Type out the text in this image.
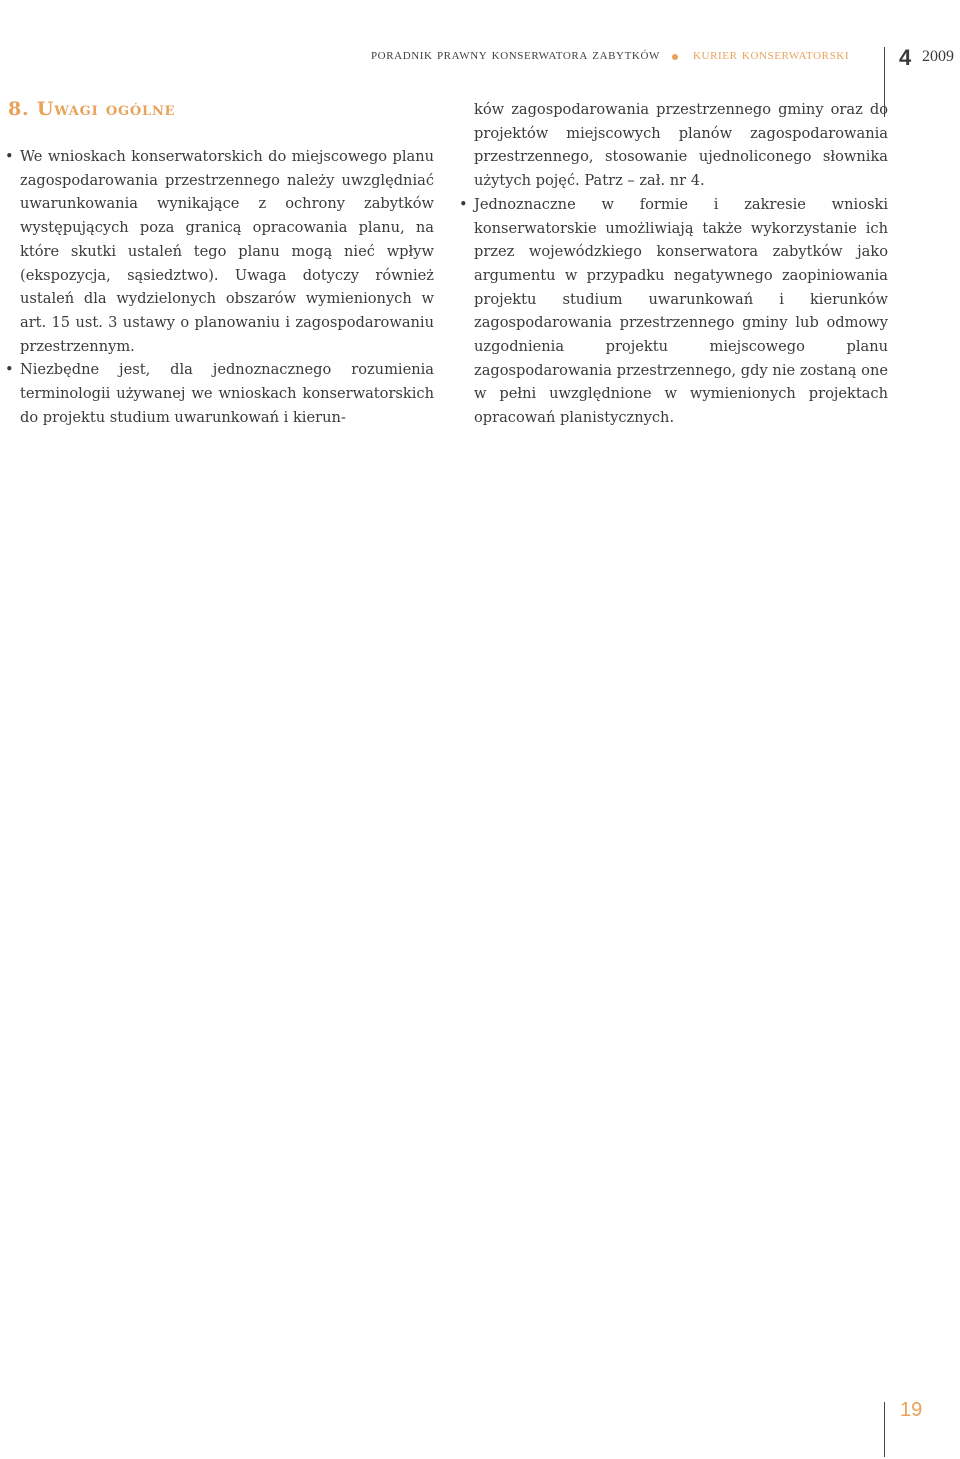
poradnik prawny konserwatora zabytków kurier konserwatorski 4 2009
8. Uwagi ogólne

• We wnioskach konserwatorskich do miejscowego planu zagospodarowania przestrzennego należy uwzględniać uwarunkowania wynikające z ochrony zabytków występujących poza granicą opracowania planu, na które skutki ustaleń tego planu mogą nieć wpływ (ekspozycja, sąsiedztwo). Uwaga dotyczy również ustaleń dla wydzielonych obszarów wymienionych w art. 15 ust. 3 ustawy o planowaniu i zagospodarowaniu przestrzennym.

• Niezbędne jest, dla jednoznacznego rozumienia terminologii używanej we wnioskach konserwatorskich do projektu studium uwarunkowań i kierun-

ków zagospodarowania przestrzennego gminy oraz do projektów miejscowych planów zagospodarowania przestrzennego, stosowanie ujednoliconego słownika użytych pojęć. Patrz – zał. nr 4.

• Jednoznaczne w formie i zakresie wnioski konserwatorskie umożliwiają także wykorzystanie ich przez wojewódzkiego konserwatora zabytków jako argumentu w przypadku negatywnego zaopiniowania projektu studium uwarunkowań i kierunków zagospodarowania przestrzennego gminy lub odmowy uzgodnienia projektu miejscowego planu zagospodarowania przestrzennego, gdy nie zostaną one w pełni uwzględnione w wymienionych projektach opracowań planistycznych.

19
